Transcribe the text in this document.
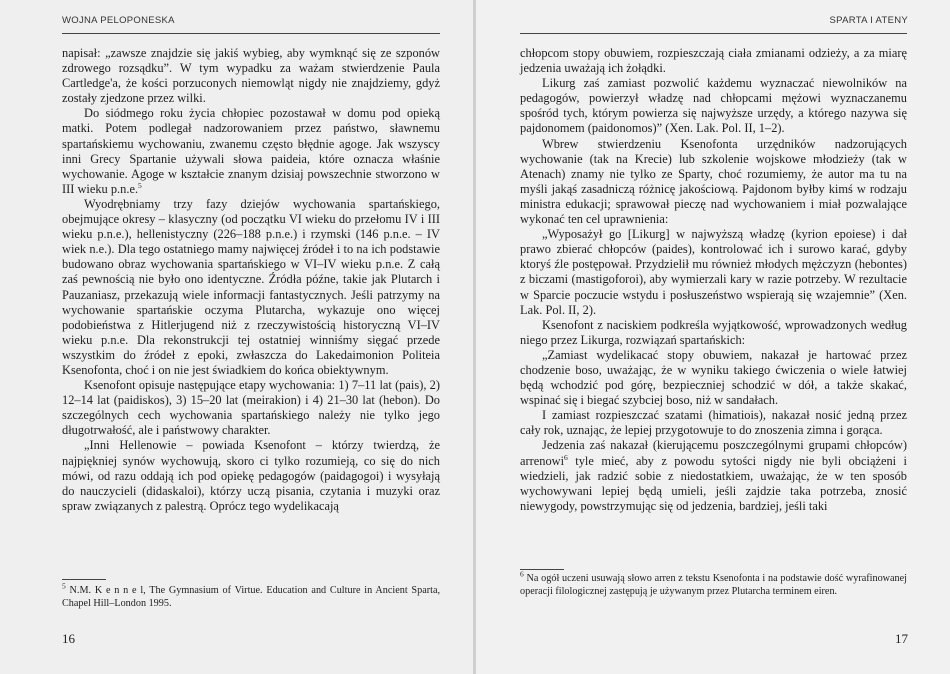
WOJNA PELOPONESKA

napisał: „zawsze znajdzie się jakiś wybieg, aby wymknąć się ze szponów zdrowego rozsądku”. W tym wypadku za ważam stwierdzenie Paula Cartledge'a, że kości porzuconych niemowląt nigdy nie znajdziemy, gdyż zostały zjedzone przez wilki.

Do siódmego roku życia chłopiec pozostawał w domu pod opieką matki. Potem podlegał nadzorowaniem przez państwo, sławnemu spartańskiemu wychowaniu, zwanemu często błędnie agoge. Jak wszyscy inni Grecy Spartanie używali słowa paideia, które oznacza właśnie wychowanie. Agoge w kształcie znanym dzisiaj powszechnie stworzono w III wieku p.n.e.$^5$

Wyodrębniamy trzy fazy dziejów wychowania spartańskiego, obejmujące okresy – klasyczny (od początku VI wieku do przełomu IV i III wieku p.n.e.), hellenistyczny (226–188 p.n.e.) i rzymski (146 p.n.e. – IV wiek n.e.). Dla tego ostatniego mamy najwięcej źródeł i to na ich podstawie budowano obraz wychowania spartańskiego w VI–IV wieku p.n.e. Z całą zaś pewnością nie było ono identyczne. Źródła późne, takie jak Plutarch i Pauzaniasz, przekazują wiele informacji fantastycznych. Jeśli patrzymy na wychowanie spartańskie oczyma Plutarcha, wykazuje ono więcej podobieństwa z Hitlerjugend niż z rzeczywistością historyczną VI–IV wieku p.n.e. Dla rekonstrukcji tej ostatniej winniśmy sięgać przede wszystkim do źródeł z epoki, zwłaszcza do Lakedaimonion Politeia Ksenofonta, choć i on nie jest świadkiem do końca obiektywnym.

Ksenofont opisuje następujące etapy wychowania: 1) 7–11 lat (pais), 2) 12–14 lat (paidiskos), 3) 15–20 lat (meirakion) i 4) 21–30 lat (hebon). Do szczególnych cech wychowania spartańskiego należy nie tylko jego długotrwałość, ale i państwowy charakter.

„Inni Hellenowie – powiada Ksenofont – którzy twierdzą, że najpiękniej synów wychowują, skoro ci tylko rozumieją, co się do nich mówi, od razu oddają ich pod opiekę pedagogów (paidagogoi) i wysyłają do nauczycieli (didaskaloi), którzy uczą pisania, czytania i muzyki oraz spraw związanych z palestrą. Oprócz tego wydelikacają

$^5$ N.M. K e n n e l, The Gymnasium of Virtue. Education and Culture in Ancient Sparta, Chapel Hill–London 1995.
16
SPARTA I ATENY

chłopcom stopy obuwiem, rozpieszczają ciała zmianami odzieży, a za miarę jedzenia uważają ich żołądki.

Likurg zaś zamiast pozwolić każdemu wyznaczać niewolników na pedagogów, powierzył władzę nad chłopcami mężowi wyznaczanemu spośród tych, którym powierza się najwyższe urzędy, a którego nazywa się pajdonomem (paidonomos)” (Xen. Lak. Pol. II, 1–2).

Wbrew stwierdzeniu Ksenofonta urzędników nadzorujących wychowanie (tak na Krecie) lub szkolenie wojskowe młodzieży (tak w Atenach) znamy nie tylko ze Sparty, choć rozumiemy, że autor ma tu na myśli jakąś zasadniczą różnicę jakościową. Pajdonom byłby kimś w rodzaju ministra edukacji; sprawował pieczę nad wychowaniem i miał pozwalające wykonać ten cel uprawnienia:

„Wyposażył go [Likurg] w najwyższą władzę (kyrion epoiese) i dał prawo zbierać chłopców (paides), kontrolować ich i surowo karać, gdyby ktoryś źle postępował. Przydzielił mu również młodych mężczyzn (hebontes) z biczami (mastigoforoi), aby wymierzali kary w razie potrzeby. W rezultacie w Sparcie poczucie wstydu i posłuszeństwo wspierają się wzajemnie” (Xen. Lak. Pol. II, 2).

Ksenofont z naciskiem podkreśla wyjątkowość, wprowadzonych według niego przez Likurga, rozwiązań spartańskich:

„Zamiast wydelikacać stopy obuwiem, nakazał je hartować przez chodzenie boso, uważając, że w wyniku takiego ćwiczenia o wiele łatwiej będą wchodzić pod górę, bezpieczniej schodzić w dół, a także skakać, wspinać się i biegać szybciej boso, niż w sandałach.

I zamiast rozpieszczać szatami (himatiois), nakazał nosić jedną przez cały rok, uznając, że lepiej przygotowuje to do znoszenia zimna i gorąca.

Jedzenia zaś nakazał (kierującemu poszczególnymi grupami chłopców) arrenowi$^6$ tyle mieć, aby z powodu sytości nigdy nie byli obciążeni i wiedzieli, jak radzić sobie z niedostatkiem, uważając, że w ten sposób wychowywani lepiej będą umieli, jeśli zajdzie taka potrzeba, znosić niewygody, powstrzymując się od jedzenia, bardziej, jeśli taki

$^6$ Na ogół uczeni usuwają słowo arren z tekstu Ksenofonta i na podstawie dość wyrafinowanej operacji filologicznej zastępują je używanym przez Plutarcha terminem eiren.
17
